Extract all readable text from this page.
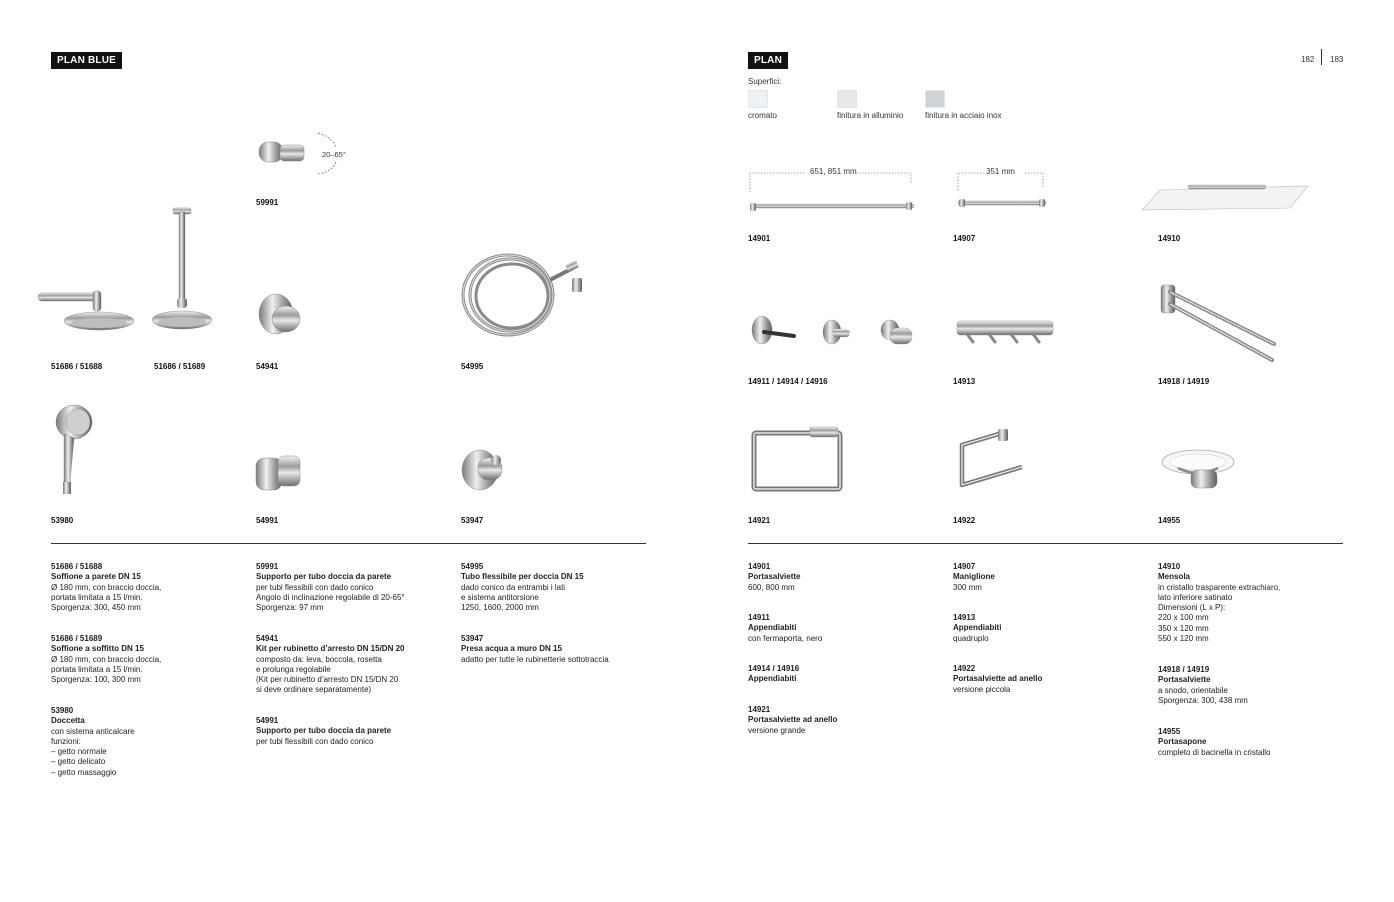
PLAN BLUE
20–65°
59991
51686 / 51688	51686 / 51689	54941	54995
53980	54991	53947
51686 / 51688
Soffione a parete DN 15
Ø 180 mm, con braccio doccia,
portata limitata a 15 l/min.
Sporgenza: 300, 450 mm
51686 / 51689
Soffione a soffitto DN 15
Ø 180 mm, con braccio doccia,
portata limitata a 15 l/min.
Sporgenza: 100, 300 mm
53980
Doccetta
con sistema anticalcare
funzioni:
– getto normale
– getto delicato
– getto massaggio
59991
Supporto per tubo doccia da parete
per tubi flessibili con dado conico
Angolo di inclinazione regolabile di 20-65°
Sporgenza: 97 mm
54941
Kit per rubinetto d’arresto DN 15/DN 20
composto da: leva, boccola, rosetta
e prolunga regolabile
(Kit per rubinetto d’arresto DN 15/DN 20
si deve ordinare separatamente)
54991
Supporto per tubo doccia da parete
per tubi flessibili con dado conico
54995
Tubo flessibile per doccia DN 15
dado conico da entrambi i lati
e sistema antitorsione
1250, 1600, 2000 mm
53947
Presa acqua a muro DN 15
adatto per tutte le rubinetterie sottotraccia
PLAN	182 183
Superfici:
cromato	finitura in alluminio	finitura in acciaio inox
651, 851 mm
14901
351 mm
14907	14910
14911 / 14914 / 14916	14913	14918 / 14919
14921	14922	14955
14901
Portasalviette
600, 800 mm
14911
Appendiabiti
con fermaporta, nero
14914 / 14916
Appendiabiti
14921
Portasalviette ad anello
versione grande
14907
Maniglione
300 mm
14913
Appendiabiti
quadruplo
14922
Portasalviette ad anello
versione piccola
14910
Mensola
in cristallo trasparente extrachiaro,
lato inferiore satinato
Dimensioni (L x P):
220 x 100 mm
350 x 120 mm
550 x 120 mm
14918 / 14919
Portasalviette
a snodo, orientabile
Sporgenza: 300, 438 mm
14955
Portasapone
completo di bacinella in cristallo
